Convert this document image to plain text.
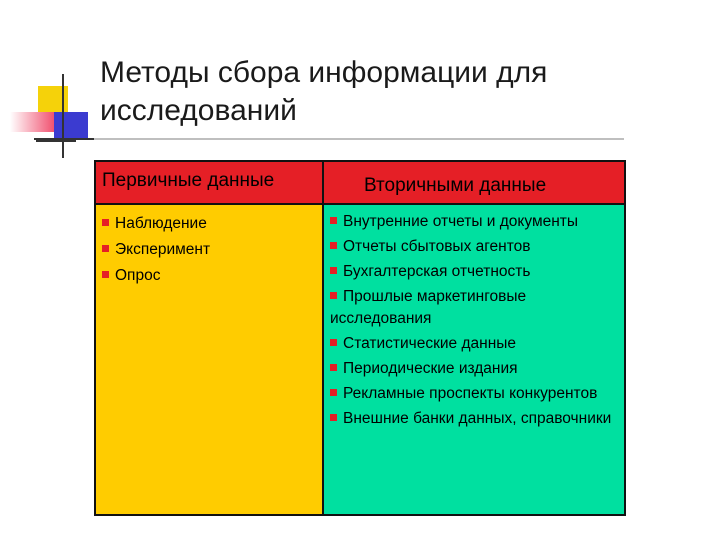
Методы сбора информации для исследований
Первичные данные	Вторичными данные
Наблюдение
Эксперимент
Опрос
Внутренние отчеты и документы
Отчеты сбытовых агентов
Бухгалтерская отчетность
Прошлые маркетинговые исследования
Статистические данные
Периодические издания
Рекламные проспекты конкурентов
Внешние банки данных, справочники
